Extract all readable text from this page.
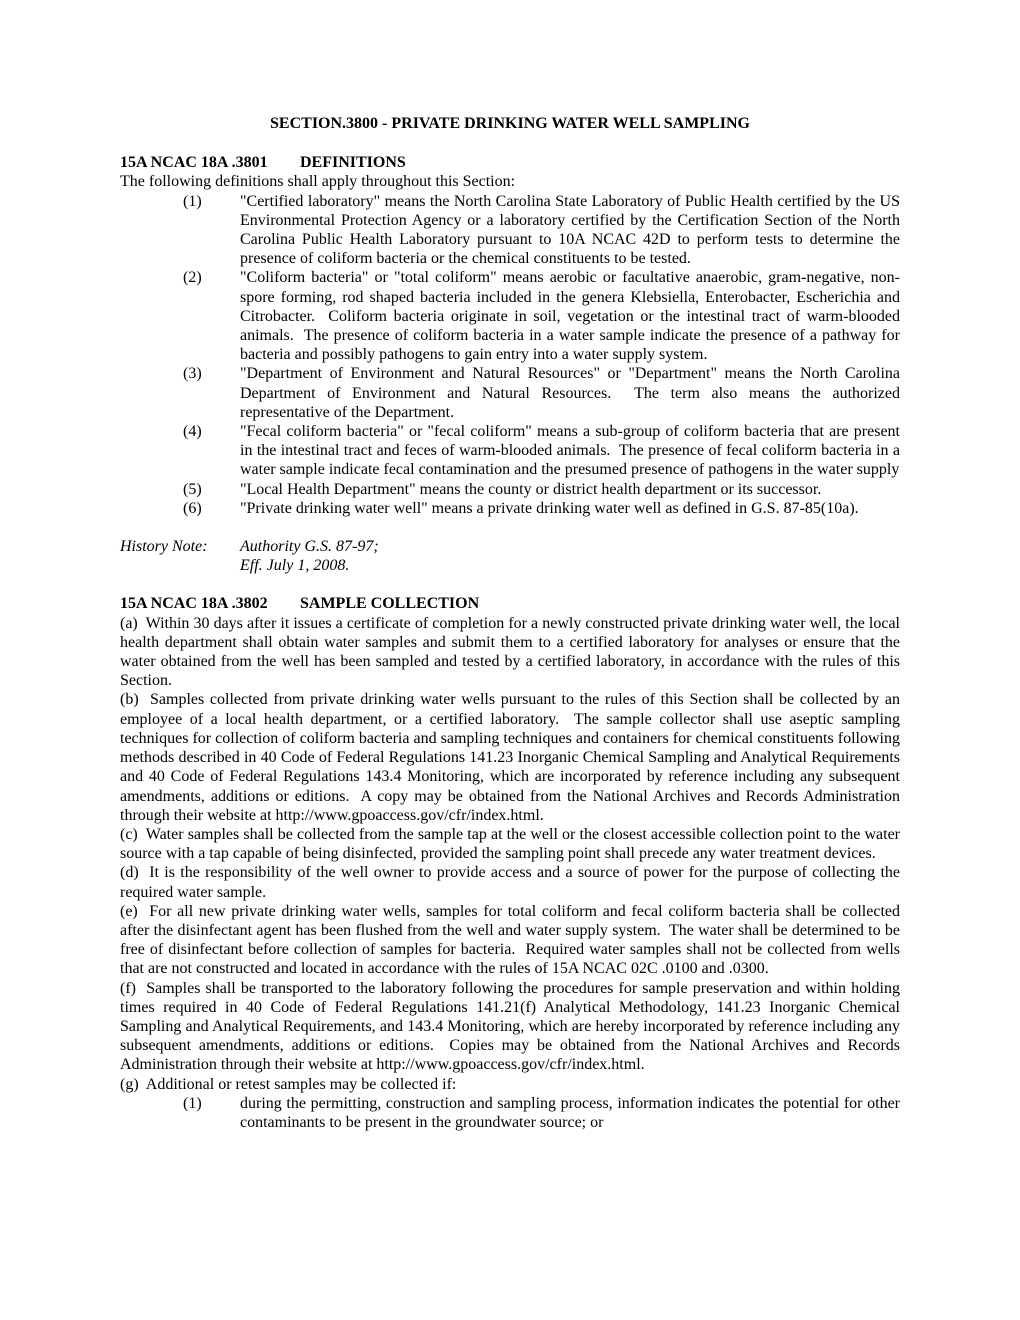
SECTION.3800 - PRIVATE DRINKING WATER WELL SAMPLING
15A NCAC 18A .3801 DEFINITIONS
The following definitions shall apply throughout this Section:
(1) "Certified laboratory" means the North Carolina State Laboratory of Public Health certified by the US Environmental Protection Agency or a laboratory certified by the Certification Section of the North Carolina Public Health Laboratory pursuant to 10A NCAC 42D to perform tests to determine the presence of coliform bacteria or the chemical constituents to be tested.
(2) "Coliform bacteria" or "total coliform" means aerobic or facultative anaerobic, gram-negative, non-spore forming, rod shaped bacteria included in the genera Klebsiella, Enterobacter, Escherichia and Citrobacter.  Coliform bacteria originate in soil, vegetation or the intestinal tract of warm-blooded animals.  The presence of coliform bacteria in a water sample indicate the presence of a pathway for bacteria and possibly pathogens to gain entry into a water supply system.
(3) "Department of Environment and Natural Resources" or "Department" means the North Carolina Department of Environment and Natural Resources.  The term also means the authorized representative of the Department.
(4) "Fecal coliform bacteria" or "fecal coliform" means a sub-group of coliform bacteria that are present in the intestinal tract and feces of warm-blooded animals.  The presence of fecal coliform bacteria in a water sample indicate fecal contamination and the presumed presence of pathogens in the water supply
(5) "Local Health Department" means the county or district health department or its successor.
(6) "Private drinking water well" means a private drinking water well as defined in G.S. 87-85(10a).
History Note:	Authority G.S. 87-97;
Eff. July 1, 2008.
15A NCAC 18A .3802 SAMPLE COLLECTION
(a)  Within 30 days after it issues a certificate of completion for a newly constructed private drinking water well, the local health department shall obtain water samples and submit them to a certified laboratory for analyses or ensure that the water obtained from the well has been sampled and tested by a certified laboratory, in accordance with the rules of this Section.
(b)  Samples collected from private drinking water wells pursuant to the rules of this Section shall be collected by an employee of a local health department, or a certified laboratory.  The sample collector shall use aseptic sampling techniques for collection of coliform bacteria and sampling techniques and containers for chemical constituents following methods described in 40 Code of Federal Regulations 141.23 Inorganic Chemical Sampling and Analytical Requirements and 40 Code of Federal Regulations 143.4 Monitoring, which are incorporated by reference including any subsequent amendments, additions or editions.  A copy may be obtained from the National Archives and Records Administration through their website at http://www.gpoaccess.gov/cfr/index.html.
(c)  Water samples shall be collected from the sample tap at the well or the closest accessible collection point to the water source with a tap capable of being disinfected, provided the sampling point shall precede any water treatment devices.
(d)  It is the responsibility of the well owner to provide access and a source of power for the purpose of collecting the required water sample.
(e)  For all new private drinking water wells, samples for total coliform and fecal coliform bacteria shall be collected after the disinfectant agent has been flushed from the well and water supply system.  The water shall be determined to be free of disinfectant before collection of samples for bacteria.  Required water samples shall not be collected from wells that are not constructed and located in accordance with the rules of 15A NCAC 02C .0100 and .0300.
(f)  Samples shall be transported to the laboratory following the procedures for sample preservation and within holding times required in 40 Code of Federal Regulations 141.21(f) Analytical Methodology, 141.23 Inorganic Chemical Sampling and Analytical Requirements, and 143.4 Monitoring, which are hereby incorporated by reference including any subsequent amendments, additions or editions.  Copies may be obtained from the National Archives and Records Administration through their website at http://www.gpoaccess.gov/cfr/index.html.
(g)  Additional or retest samples may be collected if:
(1) during the permitting, construction and sampling process, information indicates the potential for other contaminants to be present in the groundwater source; or
